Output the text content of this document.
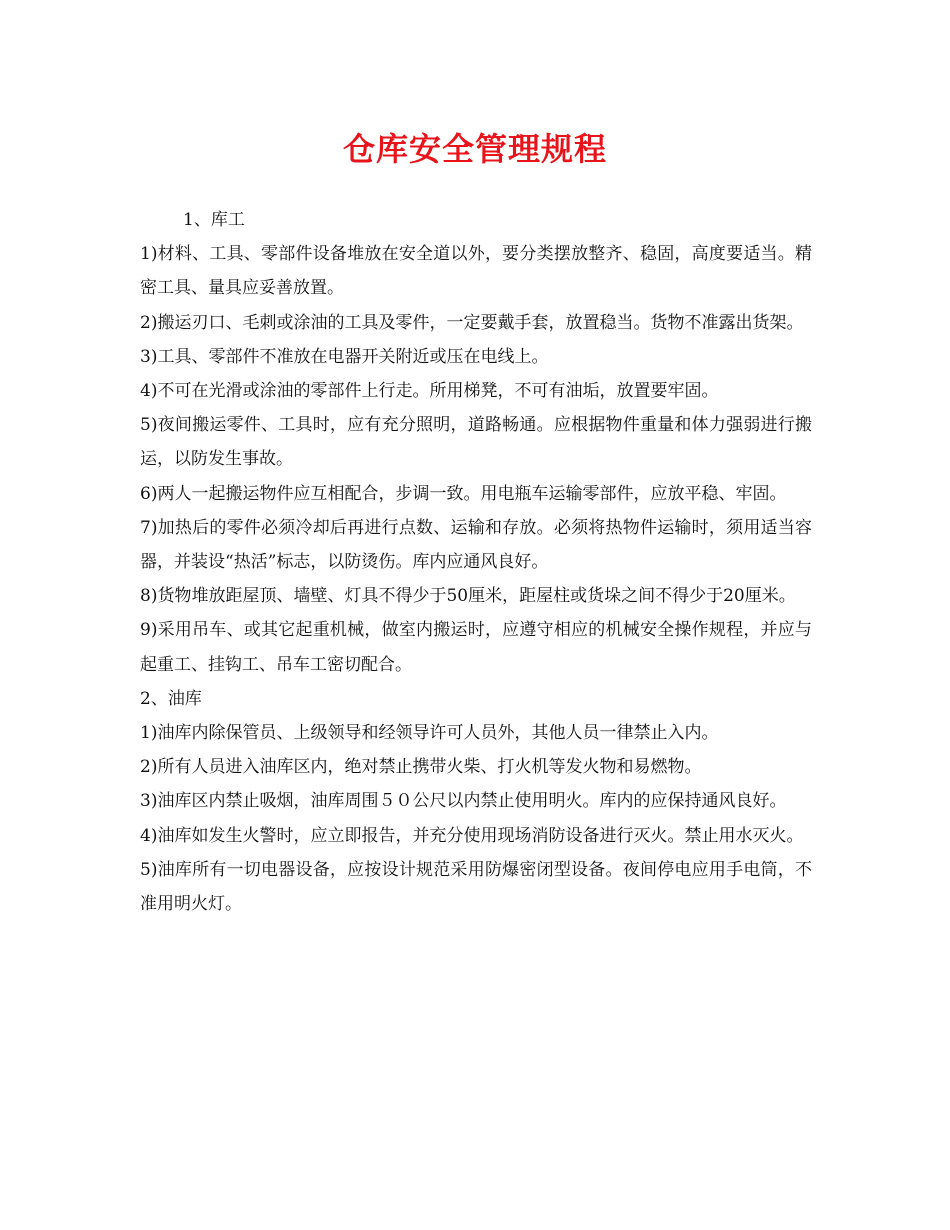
仓库安全管理规程

1、库工

1)材料、工具、零部件设备堆放在安全道以外，要分类摆放整齐、稳固，高度要适当。精密工具、量具应妥善放置。

2)搬运刃口、毛刺或涂油的工具及零件，一定要戴手套，放置稳当。货物不准露出货架。

3)工具、零部件不准放在电器开关附近或压在电线上。

4)不可在光滑或涂油的零部件上行走。所用梯凳，不可有油垢，放置要牢固。

5)夜间搬运零件、工具时，应有充分照明，道路畅通。应根据物件重量和体力强弱进行搬运，以防发生事故。

6)两人一起搬运物件应互相配合，步调一致。用电瓶车运输零部件，应放平稳、牢固。

7)加热后的零件必须冷却后再进行点数、运输和存放。必须将热物件运输时，须用适当容器，并装设“热活”标志，以防烫伤。库内应通风良好。

8)货物堆放距屋顶、墙壁、灯具不得少于50厘米，距屋柱或货垛之间不得少于20厘米。

9)采用吊车、或其它起重机械，做室内搬运时，应遵守相应的机械安全操作规程，并应与起重工、挂钩工、吊车工密切配合。

2、油库

1)油库内除保管员、上级领导和经领导许可人员外，其他人员一律禁止入内。

2)所有人员进入油库区内，绝对禁止携带火柴、打火机等发火物和易燃物。

3)油库区内禁止吸烟，油库周围５０公尺以内禁止使用明火。库内的应保持通风良好。

4)油库如发生火警时，应立即报告，并充分使用现场消防设备进行灭火。禁止用水灭火。

5)油库所有一切电器设备，应按设计规范采用防爆密闭型设备。夜间停电应用手电筒，不准用明火灯。
